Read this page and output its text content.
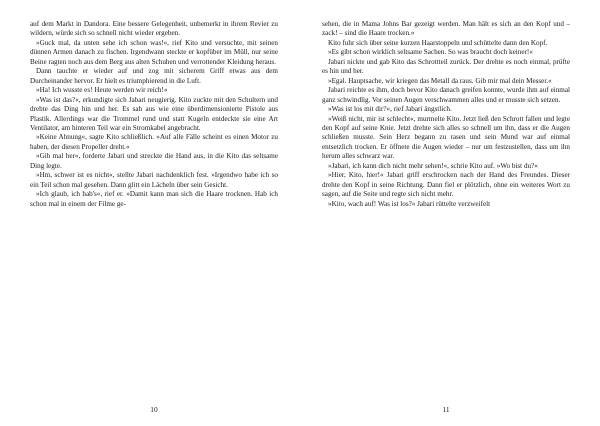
auf dem Markt in Dandora. Eine bessere Gelegenheit, unbemerkt in ihrem Revier zu wildern, würde sich so schnell nicht wieder ergeben.

»Guck mal, da unten sehe ich schon was!«, rief Kito und versuchte, mit seinen dünnen Armen danach zu fischen. Irgendwann steckte er kopfüber im Müll, nur seine Beine ragten noch aus dem Berg aus alten Schuhen und verrottender Kleidung heraus.

Dann tauchte er wieder auf und zog mit sicherem Griff etwas aus dem Durcheinander hervor. Er hielt es triumphierend in die Luft.

»Ha! Ich wusste es! Heute werden wir reich!«

»Was ist das?«, erkundigte sich Jabari neugierig. Kito zuckte mit den Schultern und drehte das Ding hin und her. Es sah aus wie eine überdimensionierte Pistole aus Plastik. Allerdings war die Trommel rund und statt Kugeln entdeckte sie eine Art Ventilator, am hinteren Teil war ein Stromkabel angebracht.

»Keine Ahnung«, sagte Kito schließlich. »Auf alle Fälle scheint es einen Motor zu haben, der diesen Propeller dreht.«

»Gib mal her«, forderte Jabari und streckte die Hand aus, in die Kito das seltsame Ding legte.

»Hm, schwer ist es nicht«, stellte Jabari nachdenklich fest. »Irgendwo habe ich so ein Teil schon mal gesehen. Dann glitt ein Lächeln über sein Gesicht.

»Ich glaub, ich hab's«, rief er. »Damit kann man sich die Haare trocknen. Hab ich schon mal in einem der Filme ge-

10

sehen, die in Mama Johns Bar gezeigt werden. Man hält es sich an den Kopf und – zack! – sind die Haare trocken.«

Kito fuhr sich über seine kurzen Haarstoppeln und schüttelte dann den Kopf.

»Es gibt schon wirklich seltsame Sachen. So was braucht doch keiner!«

Jabari nickte und gab Kito das Schrottteil zurück. Der drehte es noch einmal, prüfte es hin und her.

»Egal. Hauptsache, wir kriegen das Metall da raus. Gib mir mal dein Messer.«

Jabari reichte es ihm, doch bevor Kito danach greifen konnte, wurde ihm auf einmal ganz schwindlig. Vor seinen Augen verschwammen alles und er musste sich setzen.

»Was ist los mit dir?«, rief Jabari ängstlich.

»Weiß nicht, mir ist schlecht«, murmelte Kito. Jetzt ließ den Schrott fallen und legte den Kopf auf seine Knie. Jetzt drehte sich alles so schnell um ihn, dass er die Augen schließen musste. Sein Herz begann zu rasen und sein Mund war auf einmal entsetzlich trocken. Er öffnete die Augen wieder – nur um festzustellen, dass um ihn herum alles schwarz war.

»Jabari, ich kann dich nicht mehr sehen!«, schrie Kito auf. »Wo bist du?«

»Hier, Kito, hier!« Jabari griff erschrocken nach der Hand des Freundes. Dieser drehte den Kopf in seine Richtung. Dann fiel er plötzlich, ohne ein weiteres Wort zu sagen, auf die Seite und regte sich nicht mehr.

»Kito, wach auf! Was ist los?« Jabari rüttelte verzweifelt

11
